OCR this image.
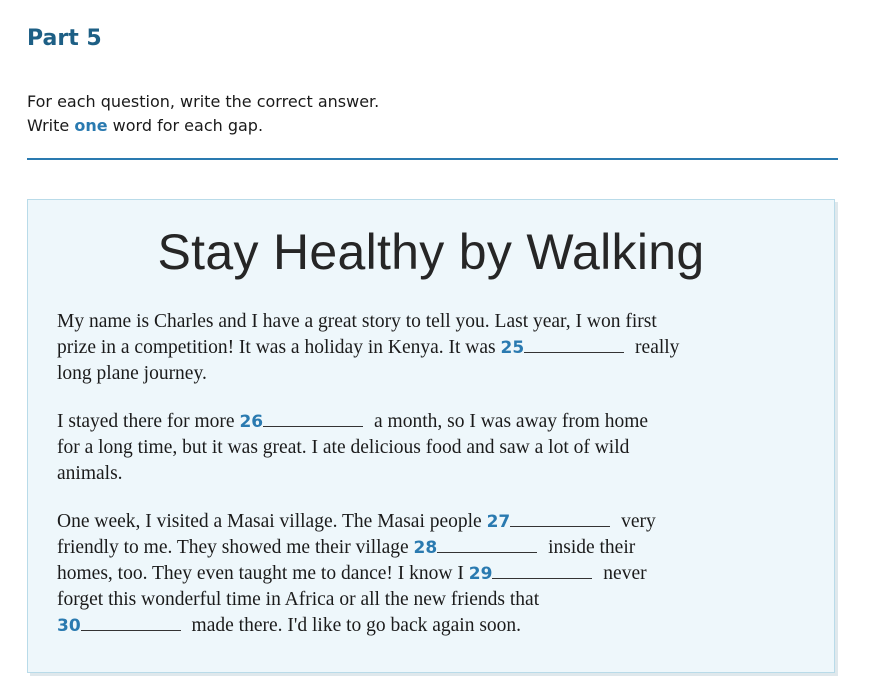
Part 5
For each question, write the correct answer.
Write one word for each gap.
Stay Healthy by Walking

My name is Charles and I have a great story to tell you. Last year, I won first
prize in a competition! It was a holiday in Kenya. It was 25	really
long plane journey.

I stayed there for more 26	a month, so I was away from home
for a long time, but it was great. I ate delicious food and saw a lot of wild
animals.

One week, I visited a Masai village. The Masai people 27	very
friendly to me. They showed me their village 28	inside their
homes, too. They even taught me to dance! I know I 29	never
forget this wonderful time in Africa or all the new friends that
30	made there. I'd like to go back again soon.
